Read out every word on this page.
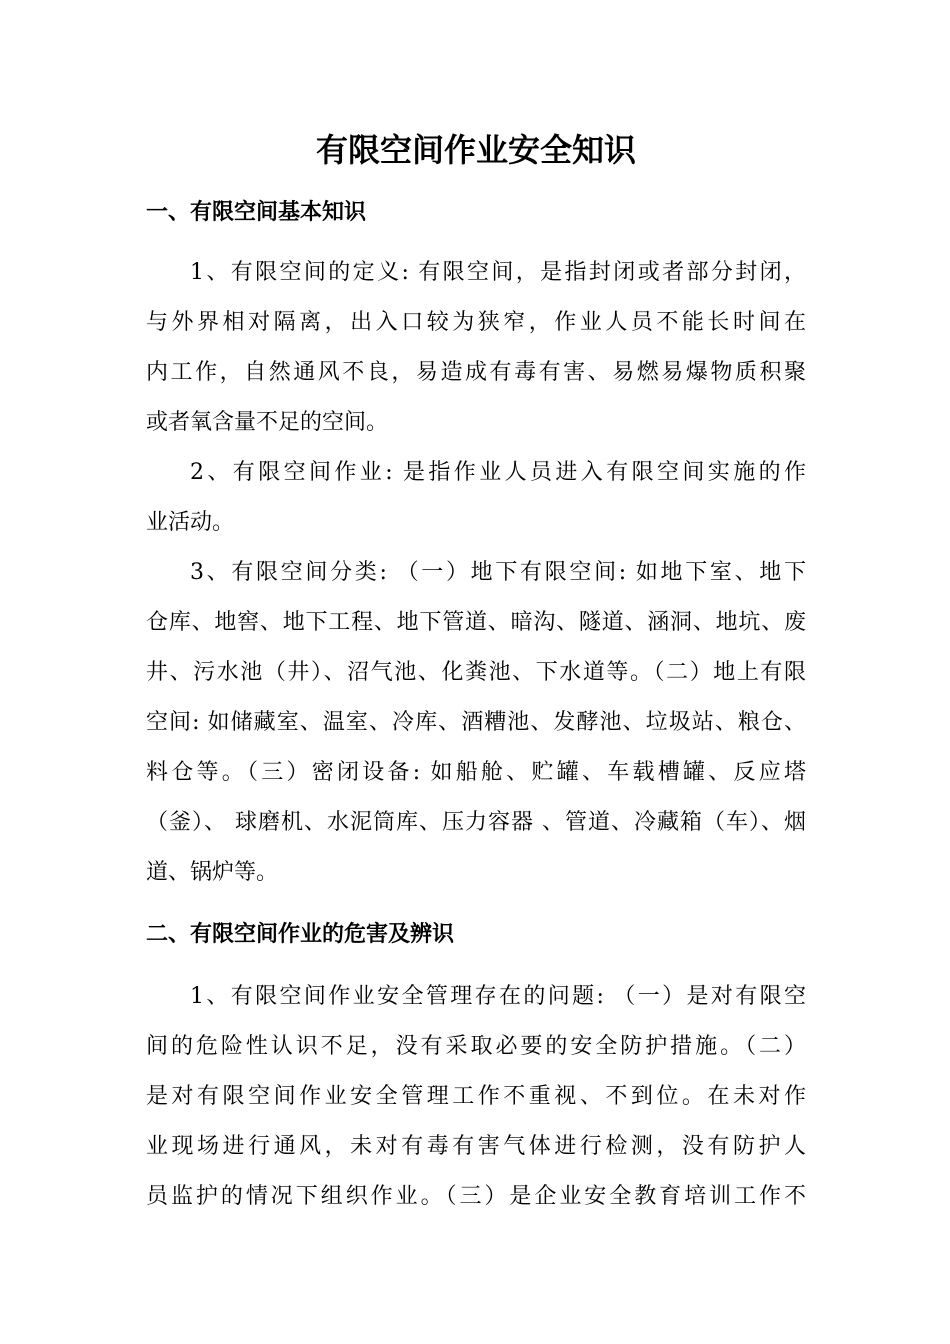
有限空间作业安全知识
一、有限空间基本知识
1、有限空间的定义: 有限空间，是指封闭或者部分封闭，
与外界相对隔离，出入口较为狭窄，作业人员不能长时间在
内工作，自然通风不良，易造成有毒有害、易燃易爆物质积聚
或者氧含量不足的空间。
2、有限空间作业: 是指作业人员进入有限空间实施的作
业活动。
3、有限空间分类: （一）地下有限空间: 如地下室、地下
仓库、地窖、地下工程、地下管道、暗沟、隧道、涵洞、地坑、废
井、污水池（井）、沼气池、化粪池、下水道等。（二）地上有限
空间: 如储藏室、温室、冷库、酒糟池、发酵池、垃圾站、粮仓、
料仓等。（三）密闭设备: 如船舱、贮罐、车载槽罐、反应塔
（釜）、 球磨机、水泥筒库、压力容器 、管道、冷藏箱（车）、烟
道、锅炉等。
二、有限空间作业的危害及辨识
1、有限空间作业安全管理存在的问题: （一）是对有限空
间的危险性认识不足，没有采取必要的安全防护措施。（二）
是对有限空间作业安全管理工作不重视、不到位。在未对作
业现场进行通风，未对有毒有害气体进行检测，没有防护人
员监护的情况下组织作业。（三）是企业安全教育培训工作不
